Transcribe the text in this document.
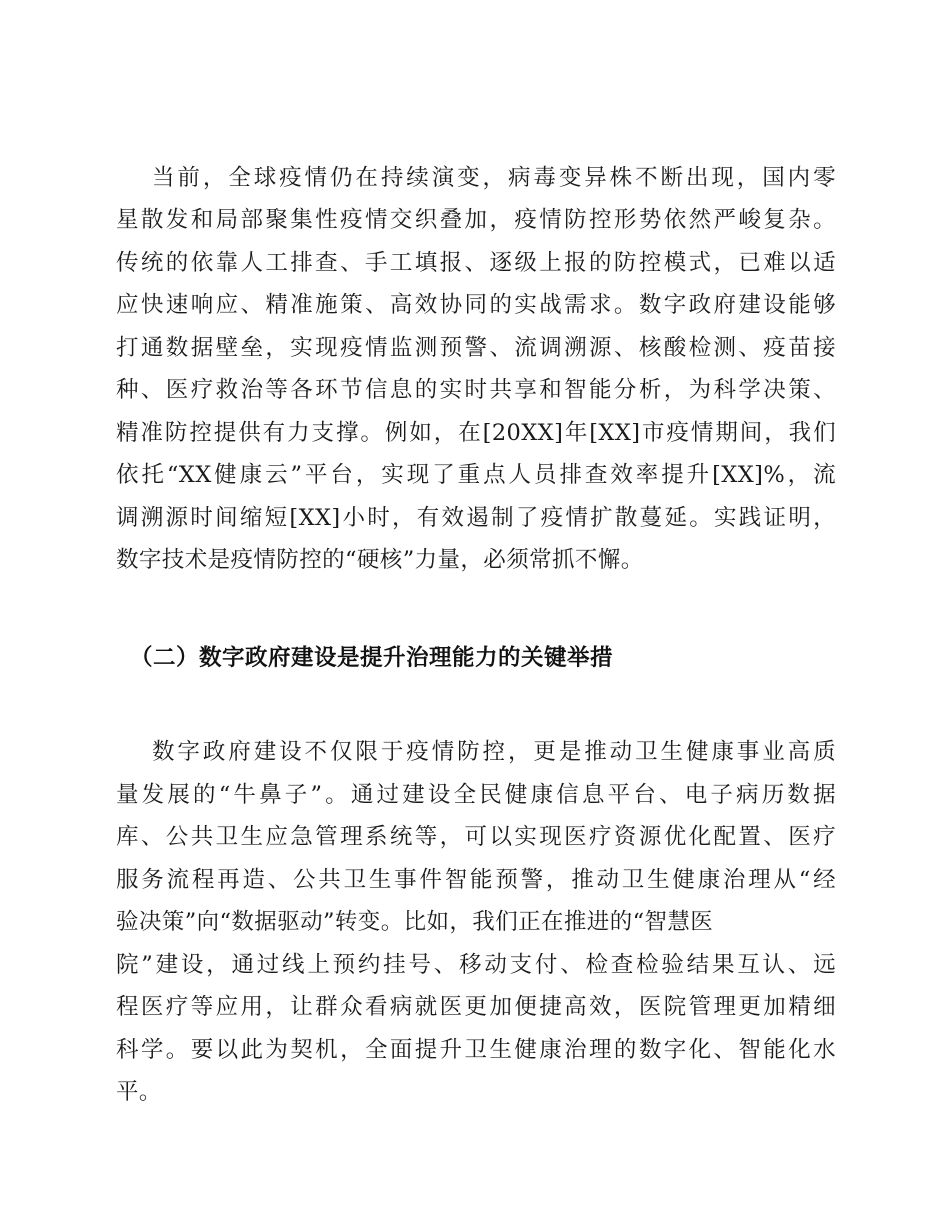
当前，全球疫情仍在持续演变，病毒变异株不断出现，国内零
星散发和局部聚集性疫情交织叠加，疫情防控形势依然严峻复杂。
传统的依靠人工排查、手工填报、逐级上报的防控模式，已难以适
应快速响应、精准施策、高效协同的实战需求。数字政府建设能够
打通数据壁垒，实现疫情监测预警、流调溯源、核酸检测、疫苗接
种、医疗救治等各环节信息的实时共享和智能分析，为科学决策、
精准防控提供有力支撑。例如，在[20XX]年[XX]市疫情期间，我们
依托“XX健康云”平台，实现了重点人员排查效率提升[XX]%，流
调溯源时间缩短[XX]小时，有效遏制了疫情扩散蔓延。实践证明，
数字技术是疫情防控的“硬核”力量，必须常抓不懈。
（二）数字政府建设是提升治理能力的关键举措
数字政府建设不仅限于疫情防控，更是推动卫生健康事业高质
量发展的“牛鼻子”。通过建设全民健康信息平台、电子病历数据
库、公共卫生应急管理系统等，可以实现医疗资源优化配置、医疗
服务流程再造、公共卫生事件智能预警，推动卫生健康治理从“经
验决策”向“数据驱动”转变。比如，我们正在推进的“智慧医
院”建设，通过线上预约挂号、移动支付、检查检验结果互认、远
程医疗等应用，让群众看病就医更加便捷高效，医院管理更加精细
科学。要以此为契机，全面提升卫生健康治理的数字化、智能化水
平。
